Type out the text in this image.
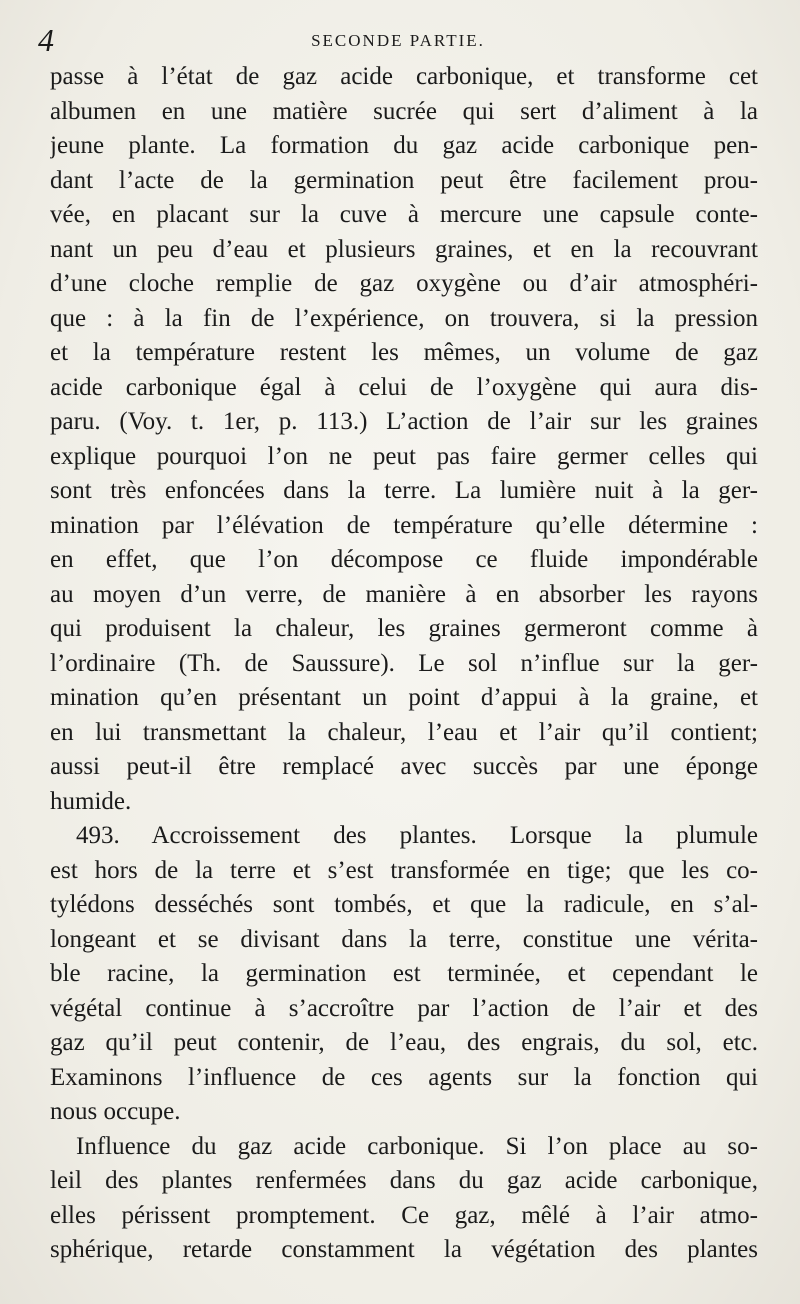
4	SECONDE PARTIE.
passe à l’état de gaz acide carbonique, et transforme cet
albumen en une matière sucrée qui sert d’aliment à la
jeune plante. La formation du gaz acide carbonique pen-
dant l’acte de la germination peut être facilement prou-
vée, en placant sur la cuve à mercure une capsule conte-
nant un peu d’eau et plusieurs graines, et en la recouvrant
d’une cloche remplie de gaz oxygène ou d’air atmosphéri-
que : à la fin de l’expérience, on trouvera, si la pression
et la température restent les mêmes, un volume de gaz
acide carbonique égal à celui de l’oxygène qui aura dis-
paru. (Voy. t. 1er, p. 113.) L’action de l’air sur les graines
explique pourquoi l’on ne peut pas faire germer celles qui
sont très enfoncées dans la terre. La lumière nuit à la ger-
mination par l’élévation de température qu’elle détermine :
en effet, que l’on décompose ce fluide impondérable
au moyen d’un verre, de manière à en absorber les rayons
qui produisent la chaleur, les graines germeront comme à
l’ordinaire (Th. de Saussure). Le sol n’influe sur la ger-
mination qu’en présentant un point d’appui à la graine, et
en lui transmettant la chaleur, l’eau et l’air qu’il contient;
aussi peut-il être remplacé avec succès par une éponge
humide.
493. Accroissement des plantes. Lorsque la plumule
est hors de la terre et s’est transformée en tige; que les co-
tylédons desséchés sont tombés, et que la radicule, en s’al-
longeant et se divisant dans la terre, constitue une vérita-
ble racine, la germination est terminée, et cependant le
végétal continue à s’accroître par l’action de l’air et des
gaz qu’il peut contenir, de l’eau, des engrais, du sol, etc.
Examinons l’influence de ces agents sur la fonction qui
nous occupe.
Influence du gaz acide carbonique. Si l’on place au so-
leil des plantes renfermées dans du gaz acide carbonique,
elles périssent promptement. Ce gaz, mêlé à l’air atmo-
sphérique, retarde constamment la végétation des plantes
